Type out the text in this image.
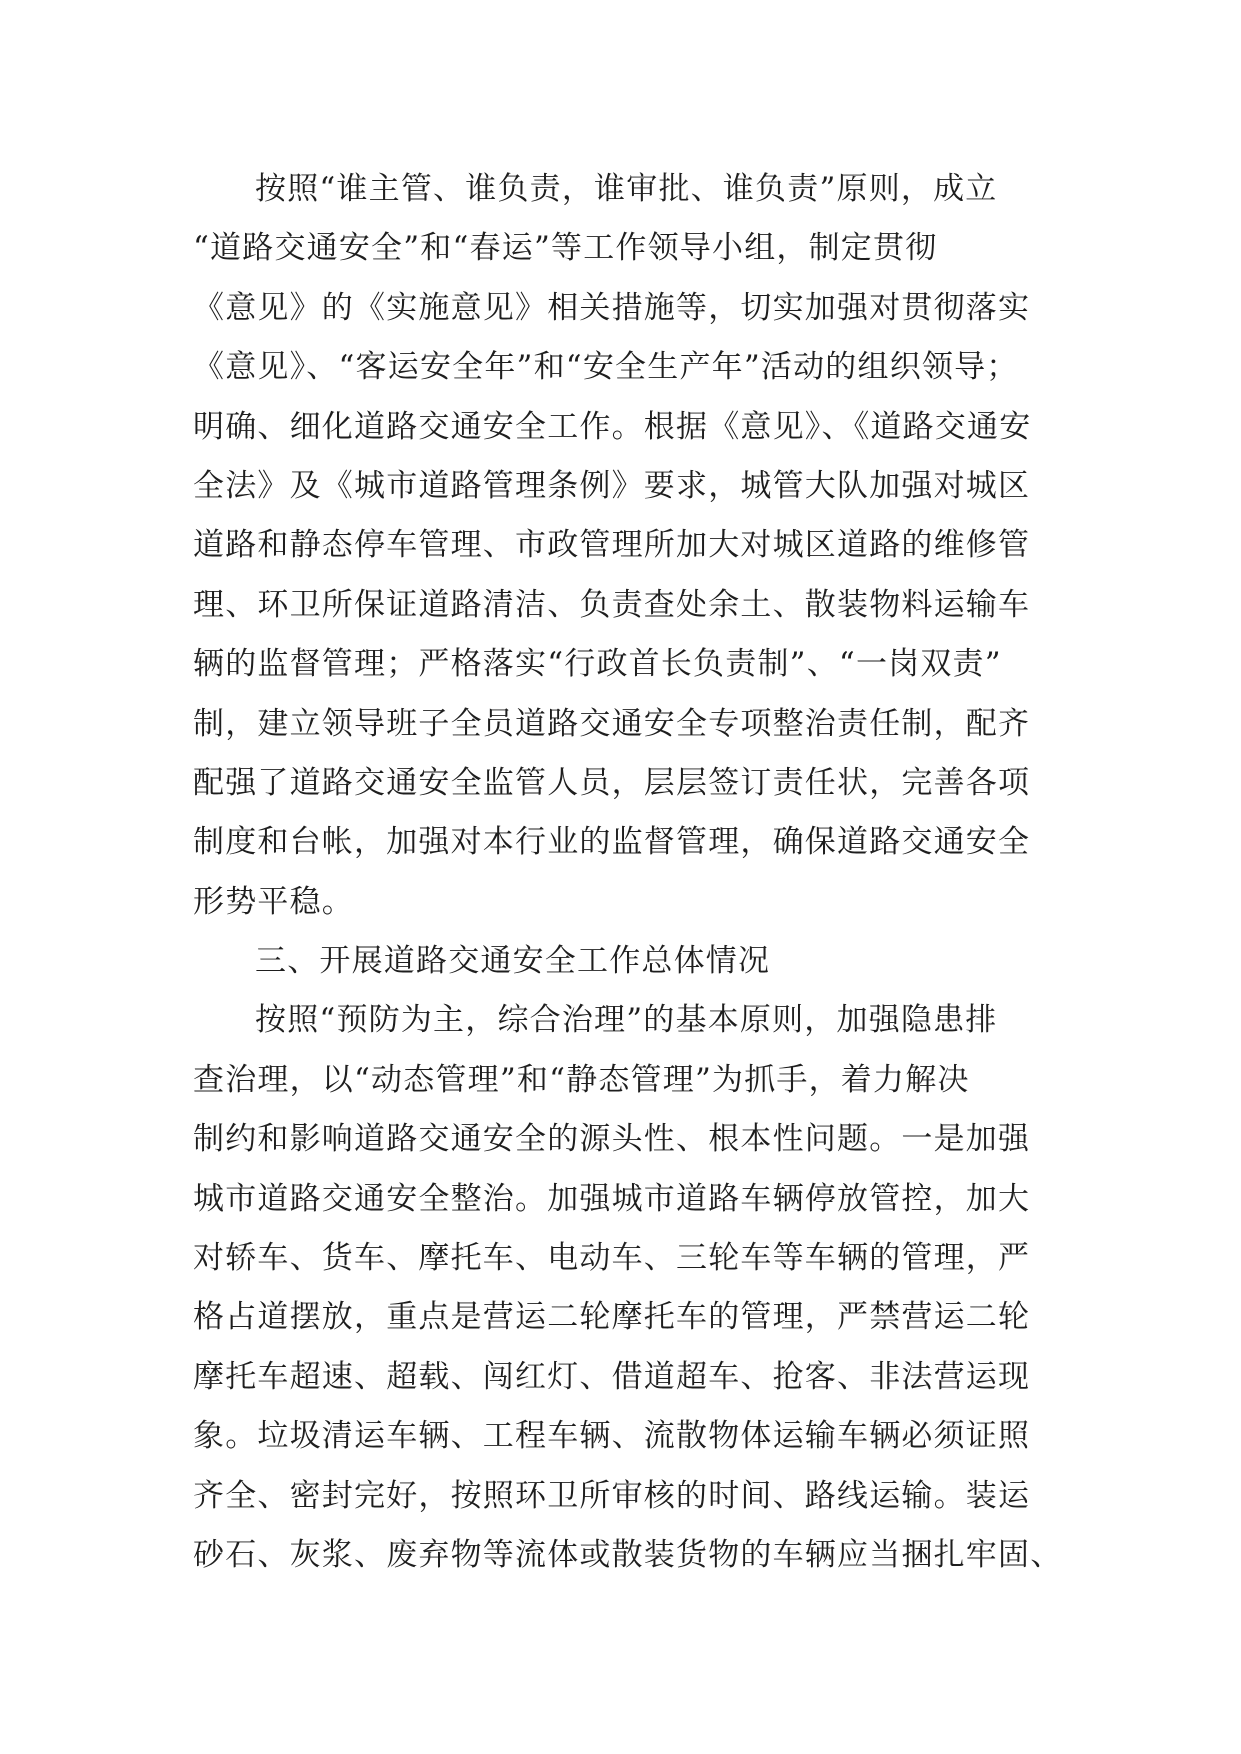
按照“谁主管、谁负责，谁审批、谁负责”原则，成立
“道路交通安全”和“春运”等工作领导小组，制定贯彻
《意见》的《实施意见》相关措施等，切实加强对贯彻落实
《意见》、“客运安全年”和“安全生产年”活动的组织领导；
明确、细化道路交通安全工作。根据《意见》、《道路交通安
全法》及《城市道路管理条例》要求，城管大队加强对城区
道路和静态停车管理、市政管理所加大对城区道路的维修管
理、环卫所保证道路清洁、负责查处余土、散装物料运输车
辆的监督管理；严格落实“行政首长负责制”、“一岗双责”
制，建立领导班子全员道路交通安全专项整治责任制，配齐
配强了道路交通安全监管人员，层层签订责任状，完善各项
制度和台帐，加强对本行业的监督管理，确保道路交通安全
形势平稳。
三、开展道路交通安全工作总体情况
按照“预防为主，综合治理”的基本原则，加强隐患排
查治理，以“动态管理”和“静态管理”为抓手，着力解决
制约和影响道路交通安全的源头性、根本性问题。一是加强
城市道路交通安全整治。加强城市道路车辆停放管控，加大
对轿车、货车、摩托车、电动车、三轮车等车辆的管理，严
格占道摆放，重点是营运二轮摩托车的管理，严禁营运二轮
摩托车超速、超载、闯红灯、借道超车、抢客、非法营运现
象。垃圾清运车辆、工程车辆、流散物体运输车辆必须证照
齐全、密封完好，按照环卫所审核的时间、路线运输。装运
砂石、灰浆、废弃物等流体或散装货物的车辆应当捆扎牢固、
